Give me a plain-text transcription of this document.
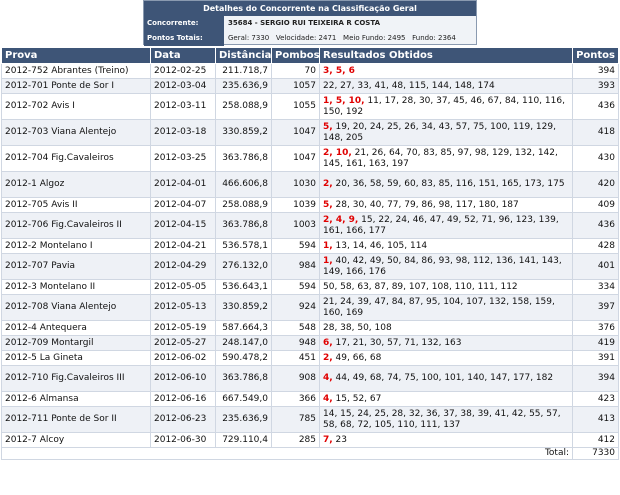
Detalhes do Concorrente na Classificação Geral
Concorrente:	35684 - SERGIO RUI TEIXEIRA R COSTA
Pontos Totais:	Geral: 7330   Velocidade: 2471   Meio Fundo: 2495   Fundo: 2364
Prova	Data	Distância	Pombos	Resultados Obtidos	Pontos
2012-752 Abrantes (Treino)	2012-02-25	211.718,7	70	3, 5, 6	394
2012-701 Ponte de Sor I	2012-03-04	235.636,9	1057	22, 27, 33, 41, 48, 115, 144, 148, 174	393
2012-702 Avis I	2012-03-11	258.088,9	1055	1, 5, 10, 11, 17, 28, 30, 37, 45, 46, 67, 84, 110, 116, 150, 192	436
2012-703 Viana Alentejo	2012-03-18	330.859,2	1047	5, 19, 20, 24, 25, 26, 34, 43, 57, 75, 100, 119, 129, 148, 205	418
2012-704 Fig.Cavaleiros	2012-03-25	363.786,8	1047	2, 10, 21, 26, 64, 70, 83, 85, 97, 98, 129, 132, 142, 145, 161, 163, 197	430
2012-1 Algoz	2012-04-01	466.606,8	1030	2, 20, 36, 58, 59, 60, 83, 85, 116, 151, 165, 173, 175	420
2012-705 Avis II	2012-04-07	258.088,9	1039	5, 28, 30, 40, 77, 79, 86, 98, 117, 180, 187	409
2012-706 Fig.Cavaleiros II	2012-04-15	363.786,8	1003	2, 4, 9, 15, 22, 24, 46, 47, 49, 52, 71, 96, 123, 139, 161, 166, 177	436
2012-2 Montelano I	2012-04-21	536.578,1	594	1, 13, 14, 46, 105, 114	428
2012-707 Pavia	2012-04-29	276.132,0	984	1, 40, 42, 49, 50, 84, 86, 93, 98, 112, 136, 141, 143, 149, 166, 176	401
2012-3 Montelano II	2012-05-05	536.643,1	594	50, 58, 63, 87, 89, 107, 108, 110, 111, 112	334
2012-708 Viana Alentejo	2012-05-13	330.859,2	924	21, 24, 39, 47, 84, 87, 95, 104, 107, 132, 158, 159, 160, 169	397
2012-4 Antequera	2012-05-19	587.664,3	548	28, 38, 50, 108	376
2012-709 Montargil	2012-05-27	248.147,0	948	6, 17, 21, 30, 57, 71, 132, 163	419
2012-5 La Gineta	2012-06-02	590.478,2	451	2, 49, 66, 68	391
2012-710 Fig.Cavaleiros III	2012-06-10	363.786,8	908	4, 44, 49, 68, 74, 75, 100, 101, 140, 147, 177, 182	394
2012-6 Almansa	2012-06-16	667.549,0	366	4, 15, 52, 67	423
2012-711 Ponte de Sor II	2012-06-23	235.636,9	785	14, 15, 24, 25, 28, 32, 36, 37, 38, 39, 41, 42, 55, 57, 58, 68, 72, 105, 110, 111, 137	413
2012-7 Alcoy	2012-06-30	729.110,4	285	7, 23	412
Total:					7330
